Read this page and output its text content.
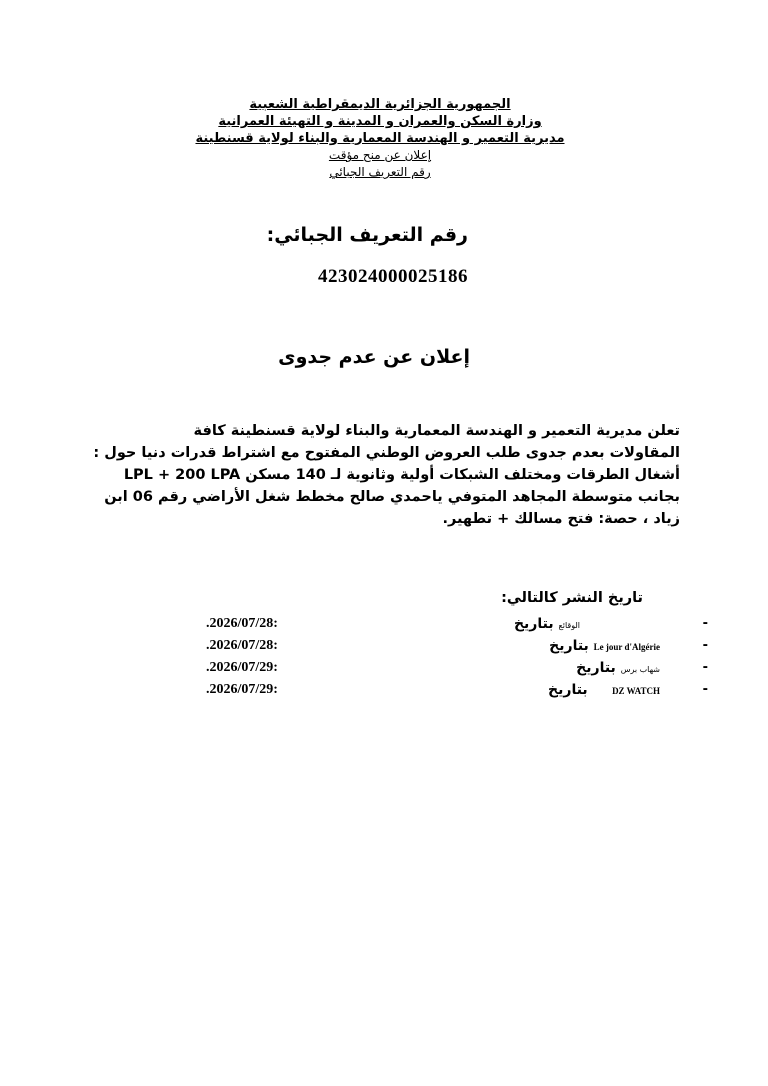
الجمهورية الجزائرية الديمقراطية الشعبية
وزارة السكن والعمران و المدينة و التهيئة العمرانية
مديرية التعمير و الهندسة المعمارية والبناء لولاية قسنطينة
إعلان عن منح مؤقت
رقم التعريف الجبائي
رقم التعريف الجبائي:
423024000025186
إعلان عن عدم جدوى
تعلن مديرية التعمير و الهندسة المعمارية والبناء لولاية قسنطينة كافة
المقاولات بعدم جدوى طلب العروض الوطني المفتوح مع اشتراط قدرات دنيا حول :
أشغال الطرقات ومختلف الشبكات أولية وثانوية لـ 140 مسكن LPL + 200 LPA
بجانب متوسطة المجاهد المتوفي ياحمدي صالح مخطط شغل الأراضي رقم 06 ابن
زياد ، حصة: فتح مسالك + تطهير.
تاريخ النشر كالتالي:
-
الوقائع بتاريخ
.2026/07/28:
-
Le jour d'Algérie بتاريخ
.2026/07/28:
-
شهاب برس بتاريخ
.2026/07/29:
-
DZ WATCH     بتاريخ
.2026/07/29:
